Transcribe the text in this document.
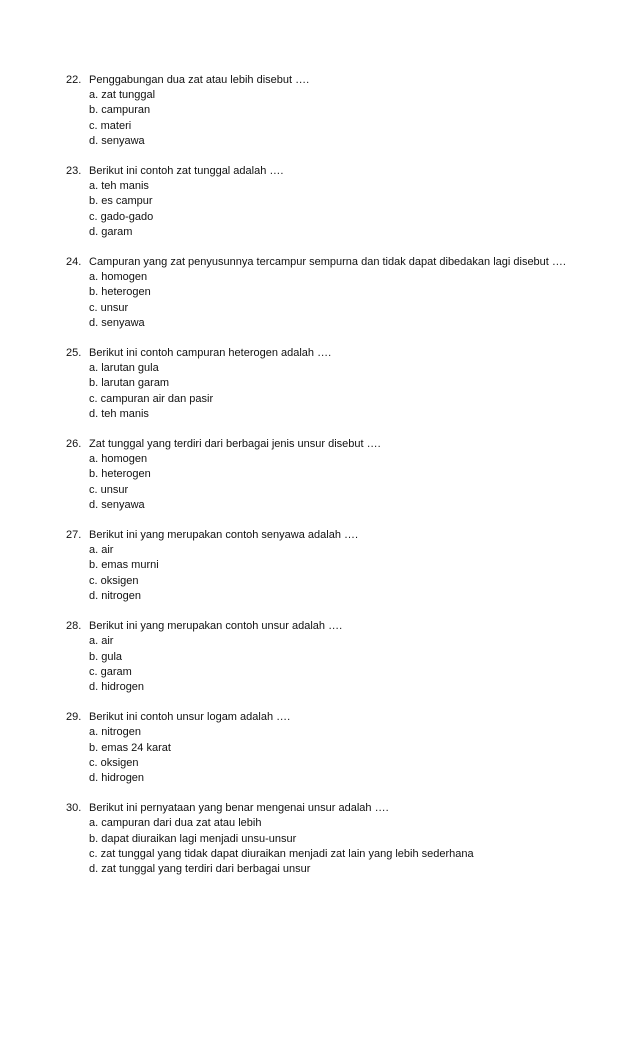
22. Penggabungan dua zat atau lebih disebut ….
a. zat tunggal
b. campuran
c. materi
d. senyawa
23. Berikut ini contoh zat tunggal adalah ….
a. teh manis
b. es campur
c. gado-gado
d. garam
24. Campuran yang zat penyusunnya tercampur sempurna dan tidak dapat dibedakan lagi disebut ….
a. homogen
b. heterogen
c. unsur
d. senyawa
25. Berikut ini contoh campuran heterogen adalah ….
a. larutan gula
b. larutan garam
c. campuran air dan pasir
d. teh manis
26. Zat tunggal yang terdiri dari berbagai jenis unsur disebut ….
a. homogen
b. heterogen
c. unsur
d. senyawa
27. Berikut ini yang merupakan contoh senyawa adalah ….
a. air
b. emas murni
c. oksigen
d. nitrogen
28. Berikut ini yang merupakan contoh unsur adalah ….
a. air
b. gula
c. garam
d. hidrogen
29. Berikut ini contoh unsur logam adalah ….
a. nitrogen
b. emas 24 karat
c. oksigen
d. hidrogen
30. Berikut ini pernyataan yang benar mengenai unsur adalah ….
a. campuran dari dua zat atau lebih
b. dapat diuraikan lagi menjadi unsu-unsur
c. zat tunggal yang tidak dapat diuraikan menjadi zat lain yang lebih sederhana
d. zat tunggal yang terdiri dari berbagai unsur
